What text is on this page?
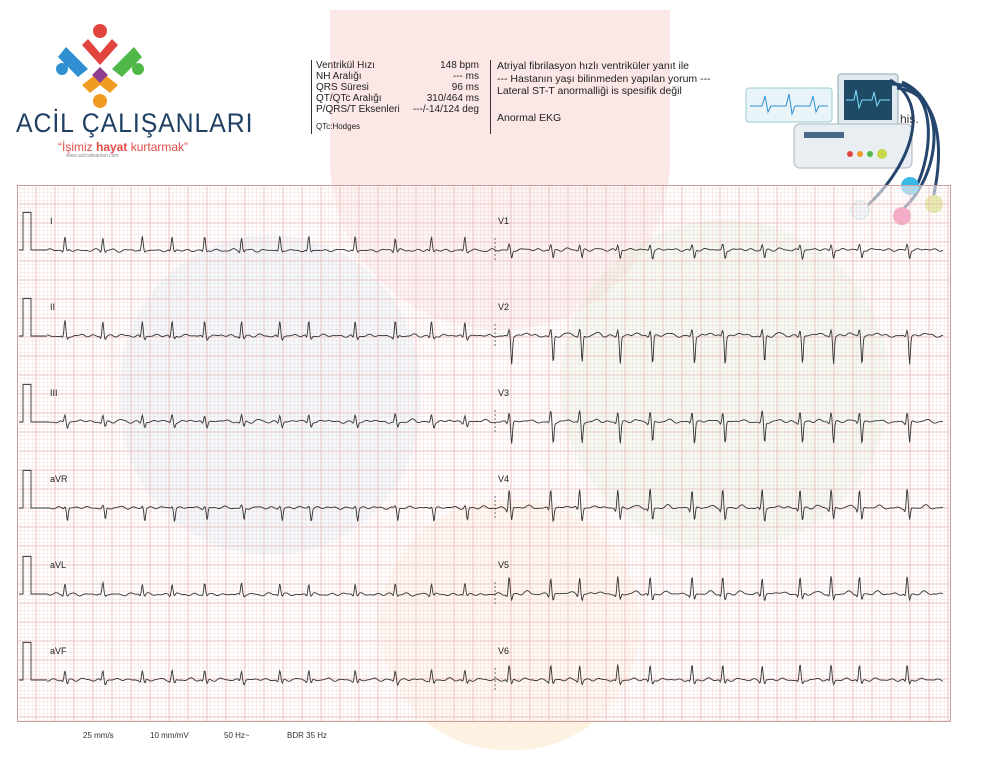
ACİL ÇALIŞANLARI
“İşimiz hayat kurtarmak”
www.acilcalisanlari.com
Ventrikül Hızı	148 bpm
NH Aralığı	--- ms
QRS Süresi	96 ms
QT/QTc Aralığı	310/464 ms
P/QRS/T Eksenleri ---/-14/124 deg
QTc:Hodges
Atriyal fibrilasyon hızlı ventriküler yanıt ile
--- Hastanın yaşı bilinmeden yapılan yorum ---
Lateral ST-T anormalliği is spesifik değil
Anormal EKG	his.
I
II
III
aVR
aVL
aVF
V1
V2
V3
V4
V5
V6
25 mm/s	10 mm/mV	50 Hz~	BDR 35 Hz
